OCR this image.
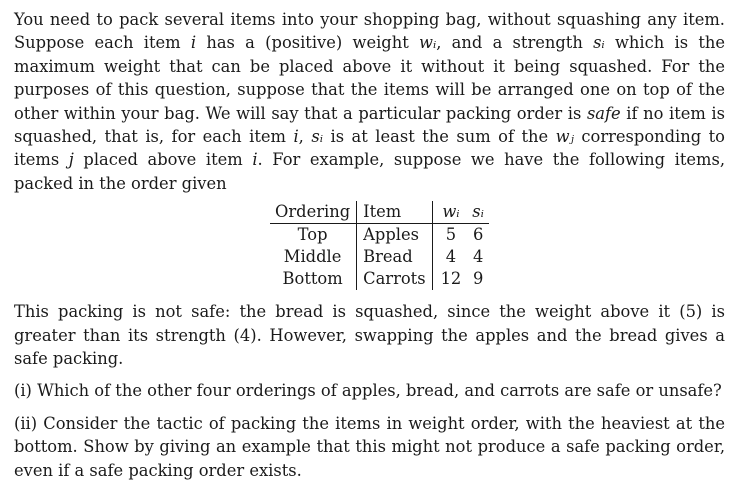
You need to pack several items into your shopping bag, without squashing any item. Suppose each item i has a (positive) weight wᵢ, and a strength sᵢ which is the maximum weight that can be placed above it without it being squashed. For the purposes of this question, suppose that the items will be arranged one on top of the other within your bag. We will say that a particular packing order is safe if no item is squashed, that is, for each item i, sᵢ is at least the sum of the wⱼ corresponding to items j placed above item i. For example, suppose we have the following items, packed in the order given

Ordering	Item	wᵢ	sᵢ
Top	Apples	5	6
Middle	Bread	4	4
Bottom	Carrots	12	9

This packing is not safe: the bread is squashed, since the weight above it (5) is greater than its strength (4). However, swapping the apples and the bread gives a safe packing.

(i) Which of the other four orderings of apples, bread, and carrots are safe or unsafe?

(ii) Consider the tactic of packing the items in weight order, with the heaviest at the bottom. Show by giving an example that this might not produce a safe packing order, even if a safe packing order exists.
